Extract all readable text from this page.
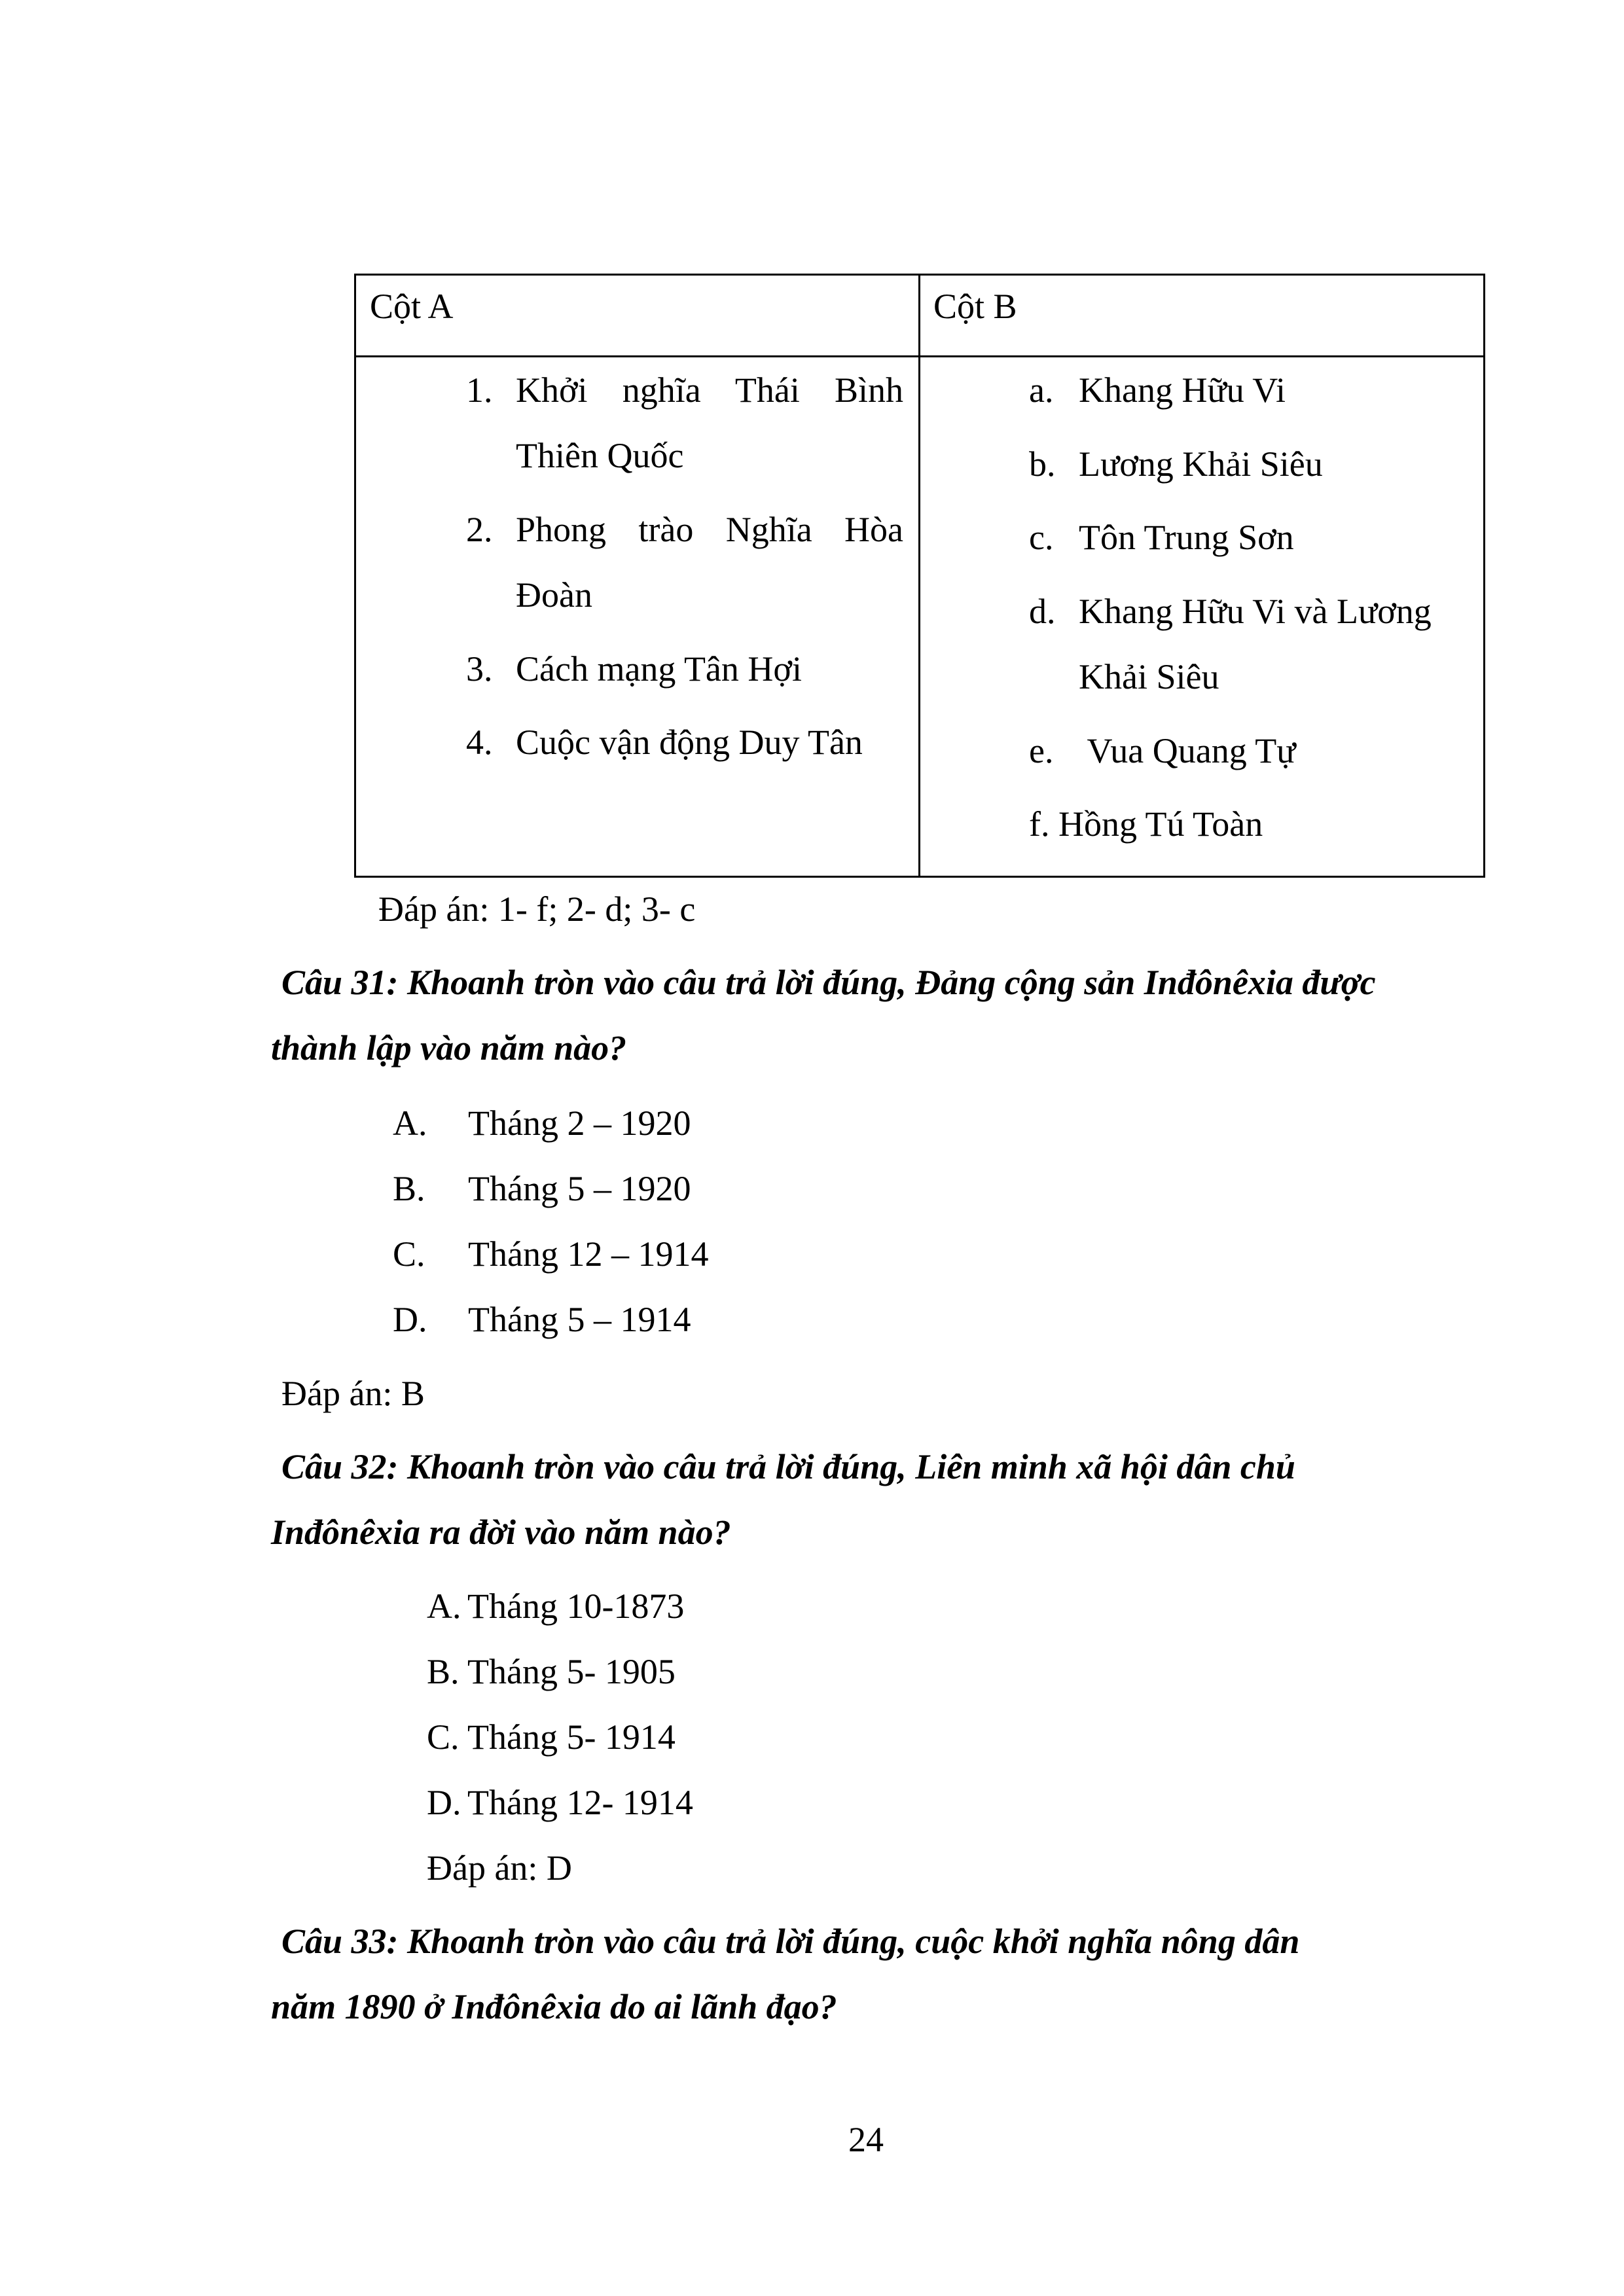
Cột A	Cột B
1. Khởi nghĩa Thái Bình
Thiên Quốc
2. Phong trào Nghĩa Hòa
Đoàn
3. Cách mạng Tân Hợi
4. Cuộc vận động Duy Tân
a. Khang Hữu Vi
b. Lương Khải Siêu
c. Tôn Trung Sơn
d. Khang Hữu Vi và Lương
Khải Siêu
e. Vua Quang Tự
f. Hồng Tú Toàn
Đáp án: 1- f; 2- d; 3- c
Câu 31: Khoanh tròn vào câu trả lời đúng, Đảng cộng sản Inđônêxia được
thành lập vào năm nào?
A. Tháng 2 – 1920
B. Tháng 5 – 1920
C. Tháng 12 – 1914
D. Tháng 5 – 1914
Đáp án: B
Câu 32: Khoanh tròn vào câu trả lời đúng, Liên minh xã hội dân chủ
Inđônêxia ra đời vào năm nào?
A. Tháng 10-1873
B. Tháng 5- 1905
C. Tháng 5- 1914
D. Tháng 12- 1914
Đáp án: D
Câu 33: Khoanh tròn vào câu trả lời đúng, cuộc khởi nghĩa nông dân
năm 1890 ở Inđônêxia do ai lãnh đạo?
24
